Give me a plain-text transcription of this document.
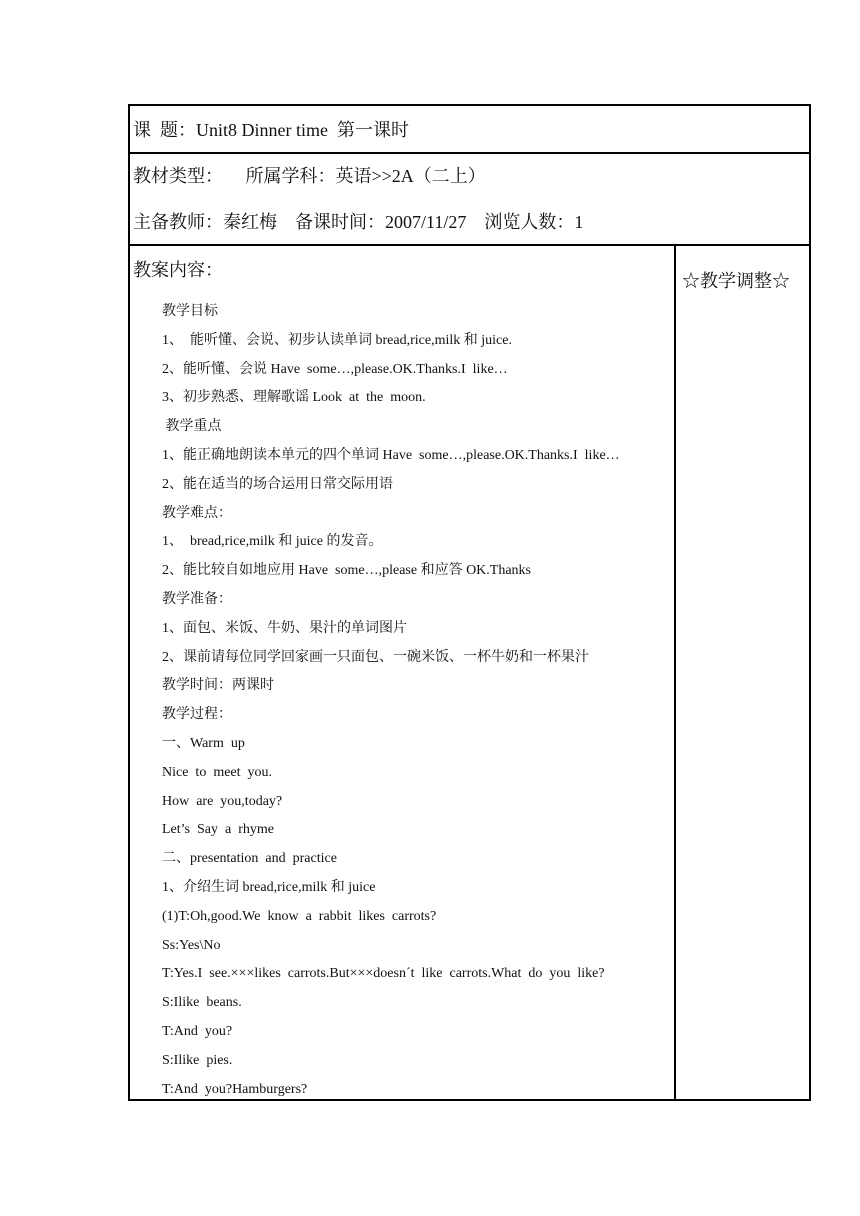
课  题：Unit8 Dinner time  第一课时
教材类型：     所属学科：英语>>2A（二上）
主备教师：秦红梅    备课时间：2007/11/27    浏览人数：1
教案内容：
教学目标
1、  能听懂、会说、初步认读单词 bread,rice,milk 和 juice.
2、能听懂、会说 Have  some…,please.OK.Thanks.I  like…
3、初步熟悉、理解歌谣 Look  at  the  moon.
教学重点
1、能正确地朗读本单元的四个单词 Have  some…,please.OK.Thanks.I  like…
2、能在适当的场合运用日常交际用语
教学难点：
1、  bread,rice,milk 和 juice 的发音。
2、能比较自如地应用 Have  some…,please 和应答 OK.Thanks
教学准备：
1、面包、米饭、牛奶、果汁的单词图片
2、课前请每位同学回家画一只面包、一碗米饭、一杯牛奶和一杯果汁
教学时间：两课时
教学过程：
一、Warm  up
Nice  to  meet  you.
How  are  you,today?
Let’s  Say  a  rhyme
二、presentation  and  practice
1、介绍生词 bread,rice,milk 和 juice
(1)T:Oh,good.We  know  a  rabbit  likes  carrots?
Ss:Yes\No
T:Yes.I  see.×××likes  carrots.But×××doesn´t  like  carrots.What  do  you  like?
S:Ilike  beans.
T:And  you?
S:Ilike  pies.
T:And  you?Hamburgers?
☆教学调整☆
